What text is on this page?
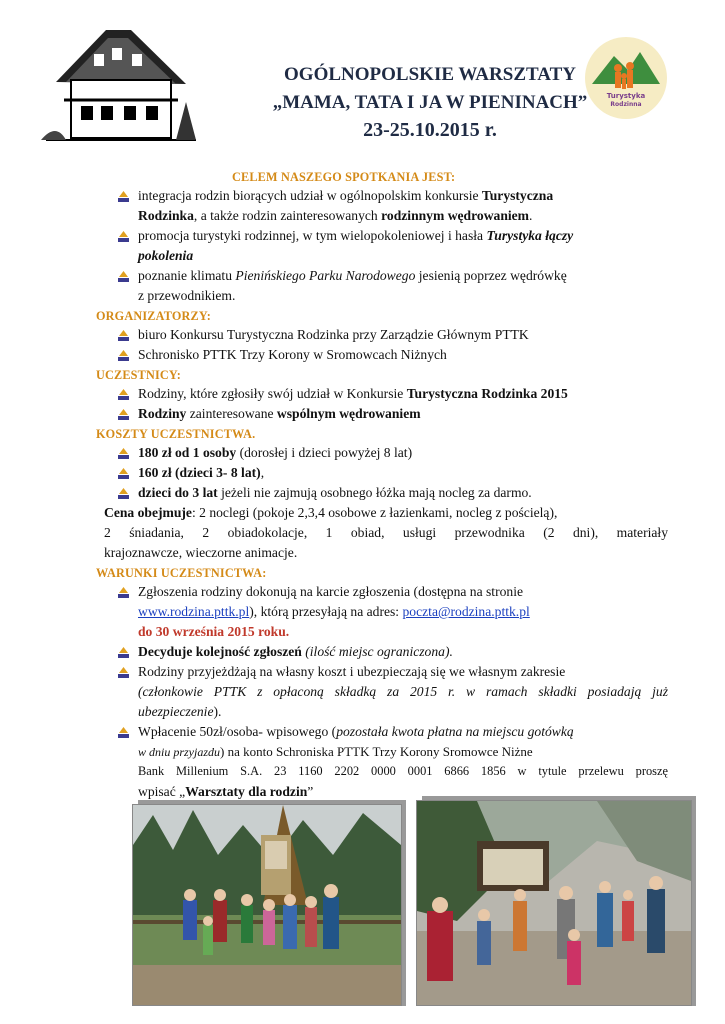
OGÓLNOPOLSKIE WARSZTATY
„MAMA, TATA I JA W PIENINACH”
23-25.10.2015 r.
Turystyka
Rodzinna
CELEM NASZEGO SPOTKANIA JEST:
integracja rodzin biorących udział w ogólnopolskim konkursie Turystyczna
Rodzinka, a także rodzin zainteresowanych rodzinnym wędrowaniem.
promocja turystyki rodzinnej, w tym wielopokoleniowej i hasła Turystyka łączy
pokolenia
poznanie klimatu Pienińskiego Parku Narodowego jesienią poprzez wędrówkę
z przewodnikiem.
ORGANIZATORZY:
biuro Konkursu Turystyczna Rodzinka przy Zarządzie Głównym PTTK
Schronisko PTTK Trzy Korony w Sromowcach Niżnych
UCZESTNICY:
Rodziny, które zgłosiły swój udział w Konkursie Turystyczna Rodzinka 2015
Rodziny zainteresowane wspólnym wędrowaniem
KOSZTY UCZESTNICTWA.
180 zł od 1 osoby (dorosłej i dzieci powyżej 8 lat)
160 zł (dzieci 3- 8 lat),
dzieci do 3 lat jeżeli nie zajmują osobnego łóżka mają nocleg za darmo.
Cena obejmuje: 2 noclegi (pokoje 2,3,4 osobowe z łazienkami, nocleg z pościelą),
2 śniadania, 2 obiadokolacje, 1 obiad, usługi przewodnika (2 dni), materiały
krajoznawcze, wieczorne animacje.
WARUNKI UCZESTNICTWA:
Zgłoszenia rodziny dokonują na karcie zgłoszenia (dostępna na stronie
www.rodzina.pttk.pl), którą przesyłają na adres: poczta@rodzina.pttk.pl
do 30 września 2015 roku.
Decyduje kolejność zgłoszeń (ilość miejsc ograniczona).
Rodziny przyjeżdżają na własny koszt i ubezpieczają się we własnym zakresie
(członkowie PTTK z opłaconą składką za 2015 r. w ramach składki posiadają już
ubezpieczenie).
Wpłacenie 50zł/osoba- wpisowego (pozostała kwota płatna na miejscu gotówką
w dniu przyjazdu) na konto Schroniska PTTK Trzy Korony Sromowce Niżne
Bank Millenium S.A. 23 1160 2202 0000 0001 6866 1856 w tytule przelewu proszę
wpisać „Warsztaty dla rodzin”
